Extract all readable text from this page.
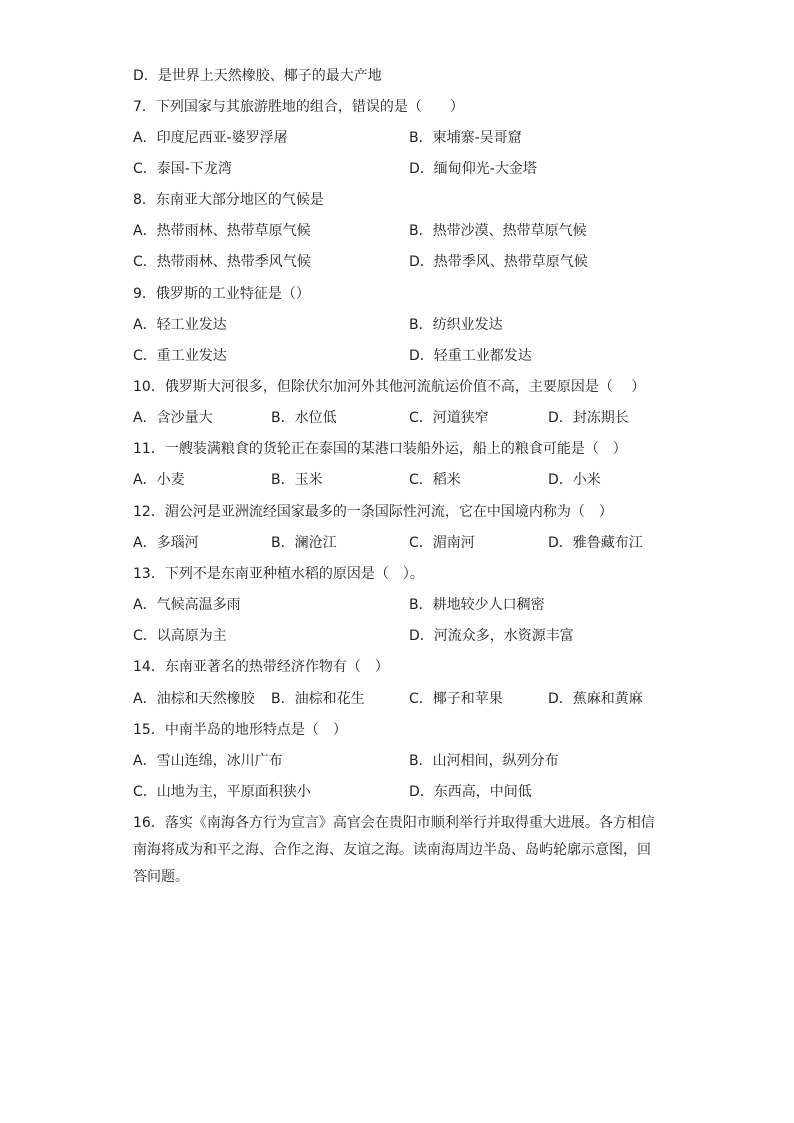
D．是世界上天然橡胶、椰子的最大产地
7．下列国家与其旅游胜地的组合，错误的是（　　）
A．印度尼西亚-婆罗浮屠	B．柬埔寨-吴哥窟
C．泰国-下龙湾	D．缅甸仰光-大金塔
8．东南亚大部分地区的气候是
A．热带雨林、热带草原气候	B．热带沙漠、热带草原气候
C．热带雨林、热带季风气候	D．热带季风、热带草原气候
9．俄罗斯的工业特征是（）
A．轻工业发达	B．纺织业发达
C．重工业发达	D．轻重工业都发达
10．俄罗斯大河很多，但除伏尔加河外其他河流航运价值不高，主要原因是（　 ）
A．含沙量大	B．水位低	C．河道狭窄	D．封冻期长
11．一艘装满粮食的货轮正在泰国的某港口装船外运，船上的粮食可能是（　）
A．小麦	B．玉米	C．稻米	D．小米
12．湄公河是亚洲流经国家最多的一条国际性河流，它在中国境内称为（　）
A．多瑙河	B．澜沧江	C．湄南河	D．雅鲁藏布江
13．下列不是东南亚种植水稻的原因是（　）。
A．气候高温多雨	B．耕地较少人口稠密
C．以高原为主	D．河流众多，水资源丰富
14．东南亚著名的热带经济作物有（　）
A．油棕和天然橡胶 B．油棕和花生	C．椰子和苹果	D．蕉麻和黄麻
15．中南半岛的地形特点是（　）
A．雪山连绵，冰川广布	B．山河相间，纵列分布
C．山地为主，平原面积狭小	D．东西高，中间低
16．落实《南海各方行为宣言》高官会在贵阳市顺利举行并取得重大进展。各方相信南海将成为和平之海、合作之海、友谊之海。读南海周边半岛、岛屿轮廓示意图，回答问题。
